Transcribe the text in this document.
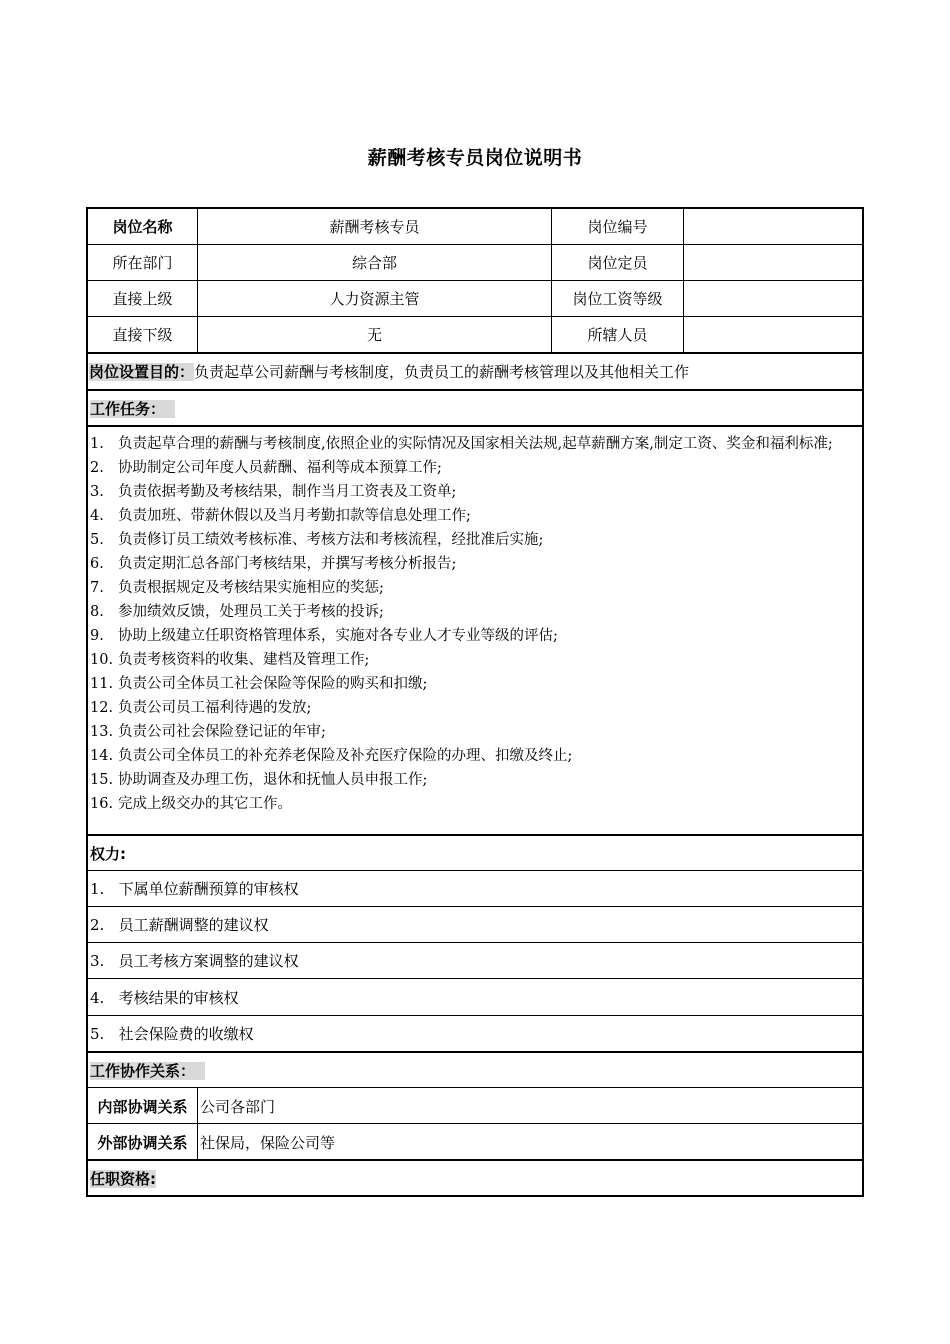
薪酬考核专员岗位说明书
岗位名称	薪酬考核专员	岗位编号
所在部门	综合部	岗位定员
直接上级	人力资源主管	岗位工资等级
直接下级	无	所辖人员
岗位设置目的：负责起草公司薪酬与考核制度，负责员工的薪酬考核管理以及其他相关工作
工作任务：
1. 负责起草合理的薪酬与考核制度,依照企业的实际情况及国家相关法规,起草薪酬方案,制定工资、奖金和福利标准;
2. 协助制定公司年度人员薪酬、福利等成本预算工作;
3. 负责依据考勤及考核结果，制作当月工资表及工资单;
4. 负责加班、带薪休假以及当月考勤扣款等信息处理工作;
5. 负责修订员工绩效考核标准、考核方法和考核流程，经批准后实施;
6. 负责定期汇总各部门考核结果，并撰写考核分析报告;
7. 负责根据规定及考核结果实施相应的奖惩;
8. 参加绩效反馈，处理员工关于考核的投诉;
9. 协助上级建立任职资格管理体系，实施对各专业人才专业等级的评估;
10. 负责考核资料的收集、建档及管理工作;
11. 负责公司全体员工社会保险等保险的购买和扣缴;
12. 负责公司员工福利待遇的发放;
13. 负责公司社会保险登记证的年审;
14. 负责公司全体员工的补充养老保险及补充医疗保险的办理、扣缴及终止;
15. 协助调查及办理工伤，退休和抚恤人员申报工作;
16. 完成上级交办的其它工作。
权力:
1. 下属单位薪酬预算的审核权
2. 员工薪酬调整的建议权
3. 员工考核方案调整的建议权
4. 考核结果的审核权
5. 社会保险费的收缴权
工作协作关系：
内部协调关系 公司各部门
外部协调关系 社保局，保险公司等
任职资格:
